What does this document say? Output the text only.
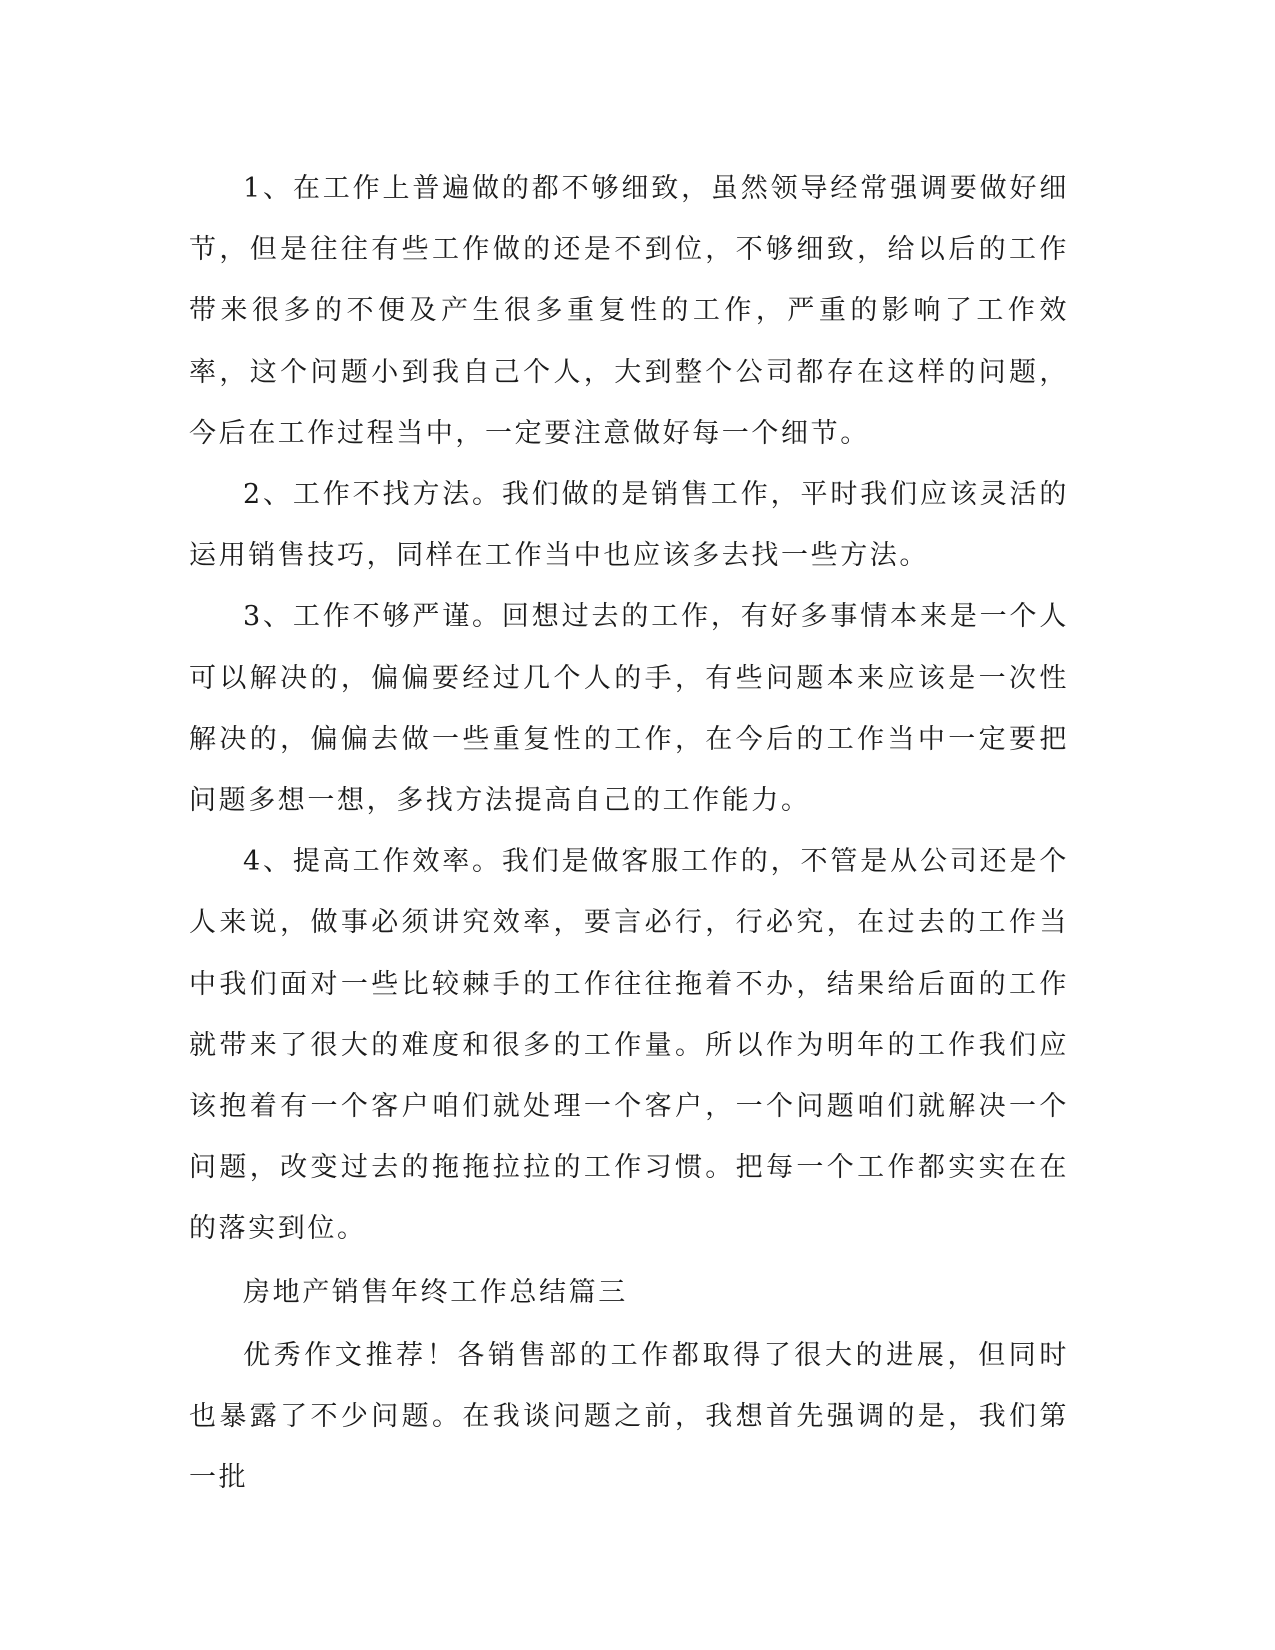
1、在工作上普遍做的都不够细致，虽然领导经常强调要做好细节，但是往往有些工作做的还是不到位，不够细致，给以后的工作带来很多的不便及产生很多重复性的工作，严重的影响了工作效率，这个问题小到我自己个人，大到整个公司都存在这样的问题，今后在工作过程当中，一定要注意做好每一个细节。

2、工作不找方法。我们做的是销售工作，平时我们应该灵活的运用销售技巧，同样在工作当中也应该多去找一些方法。

3、工作不够严谨。回想过去的工作，有好多事情本来是一个人可以解决的，偏偏要经过几个人的手，有些问题本来应该是一次性解决的，偏偏去做一些重复性的工作，在今后的工作当中一定要把问题多想一想，多找方法提高自己的工作能力。

4、提高工作效率。我们是做客服工作的，不管是从公司还是个人来说，做事必须讲究效率，要言必行，行必究，在过去的工作当中我们面对一些比较棘手的工作往往拖着不办，结果给后面的工作就带来了很大的难度和很多的工作量。所以作为明年的工作我们应该抱着有一个客户咱们就处理一个客户，一个问题咱们就解决一个问题，改变过去的拖拖拉拉的工作习惯。把每一个工作都实实在在的落实到位。

房地产销售年终工作总结篇三

优秀作文推荐！各销售部的工作都取得了很大的进展，但同时也暴露了不少问题。在我谈问题之前，我想首先强调的是，我们第一批
